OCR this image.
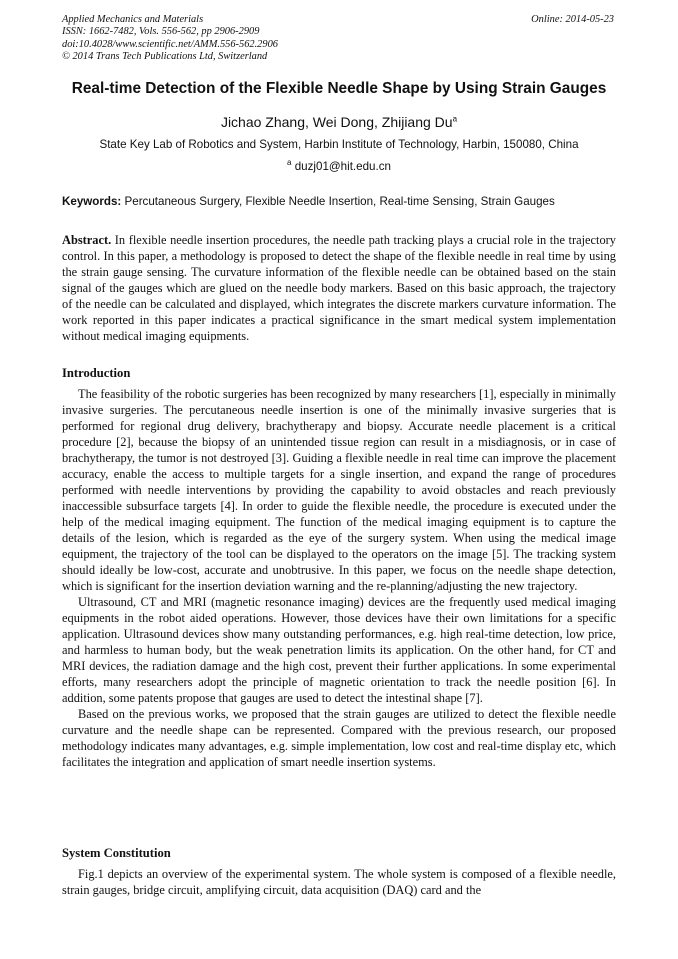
Applied Mechanics and Materials
ISSN: 1662-7482, Vols. 556-562, pp 2906-2909
doi:10.4028/www.scientific.net/AMM.556-562.2906
© 2014 Trans Tech Publications Ltd, Switzerland
Online: 2014-05-23
Real-time Detection of the Flexible Needle Shape by Using Strain Gauges
Jichao Zhang, Wei Dong, Zhijiang Du$^a$
State Key Lab of Robotics and System, Harbin Institute of Technology, Harbin, 150080, China
$^a$ duzj01@hit.edu.cn
Keywords: Percutaneous Surgery, Flexible Needle Insertion, Real-time Sensing, Strain Gauges

Abstract. In flexible needle insertion procedures, the needle path tracking plays a crucial role in the trajectory control. In this paper, a methodology is proposed to detect the shape of the flexible needle in real time by using the strain gauge sensing. The curvature information of the flexible needle can be obtained based on the stain signal of the gauges which are glued on the needle body markers. Based on this basic approach, the trajectory of the needle can be calculated and displayed, which integrates the discrete markers curvature information. The work reported in this paper indicates a practical significance in the smart medical system implementation without medical imaging equipments.

Introduction

The feasibility of the robotic surgeries has been recognized by many researchers [1], especially in minimally invasive surgeries. The percutaneous needle insertion is one of the minimally invasive surgeries that is performed for regional drug delivery, brachytherapy and biopsy. Accurate needle placement is a critical procedure [2], because the biopsy of an unintended tissue region can result in a misdiagnosis, or in case of brachytherapy, the tumor is not destroyed [3]. Guiding a flexible needle in real time can improve the placement accuracy, enable the access to multiple targets for a single insertion, and expand the range of procedures performed with needle interventions by providing the capability to avoid obstacles and reach previously inaccessible subsurface targets [4]. In order to guide the flexible needle, the procedure is executed under the help of the medical imaging equipment. The function of the medical imaging equipment is to capture the details of the lesion, which is regarded as the eye of the surgery system. When using the medical image equipment, the trajectory of the tool can be displayed to the operators on the image [5]. The tracking system should ideally be low-cost, accurate and unobtrusive. In this paper, we focus on the needle shape detection, which is significant for the insertion deviation warning and the re-planning/adjusting the new trajectory.

Ultrasound, CT and MRI (magnetic resonance imaging) devices are the frequently used medical imaging equipments in the robot aided operations. However, those devices have their own limitations for a specific application. Ultrasound devices show many outstanding performances, e.g. high real-time detection, low price, and harmless to human body, but the weak penetration limits its application. On the other hand, for CT and MRI devices, the radiation damage and the high cost, prevent their further applications. In some experimental efforts, many researchers adopt the principle of magnetic orientation to track the needle position [6]. In addition, some patents propose that gauges are used to detect the intestinal shape [7].

Based on the previous works, we proposed that the strain gauges are utilized to detect the flexible needle curvature and the needle shape can be represented. Compared with the previous research, our proposed methodology indicates many advantages, e.g. simple implementation, low cost and real-time display etc, which facilitates the integration and application of smart needle insertion systems.

System Constitution

Fig.1 depicts an overview of the experimental system. The whole system is composed of a flexible needle, strain gauges, bridge circuit, amplifying circuit, data acquisition (DAQ) card and the
